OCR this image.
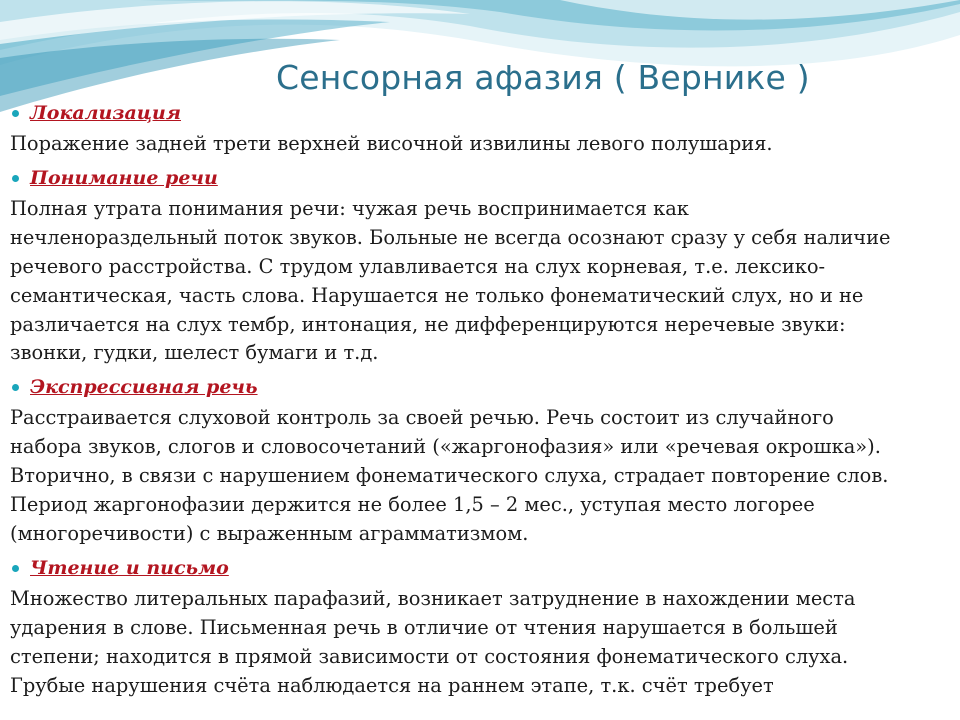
Сенсорная афазия ( Вернике )
Локализация

Поражение задней трети верхней височной извилины левого полушария.

Понимание речи

Полная утрата понимания речи: чужая речь воспринимается как
нечленораздельный поток звуков. Больные не всегда осознают сразу у себя наличие
речевого расстройства. С трудом улавливается на слух корневая, т.е. лексико-
семантическая, часть слова. Нарушается не только фонематический слух, но и не
различается на слух тембр, интонация, не дифференцируются неречевые звуки:
звонки, гудки, шелест бумаги и т.д.

Экспрессивная речь

Расстраивается слуховой контроль за своей речью. Речь состоит из случайного
набора звуков, слогов и словосочетаний («жаргонофазия» или «речевая окрошка»).
Вторично, в связи с нарушением фонематического слуха, страдает повторение слов.
Период жаргонофазии держится не более 1,5 – 2 мес., уступая место логорее
(многоречивости) с выраженным аграмматизмом.

Чтение и письмо

Множество литеральных парафазий, возникает затруднение в нахождении места
ударения в слове. Письменная речь в отличие от чтения нарушается в большей
степени; находится в прямой зависимости от состояния фонематического слуха.
Грубые нарушения счёта наблюдается на раннем этапе, т.к. счёт требует
